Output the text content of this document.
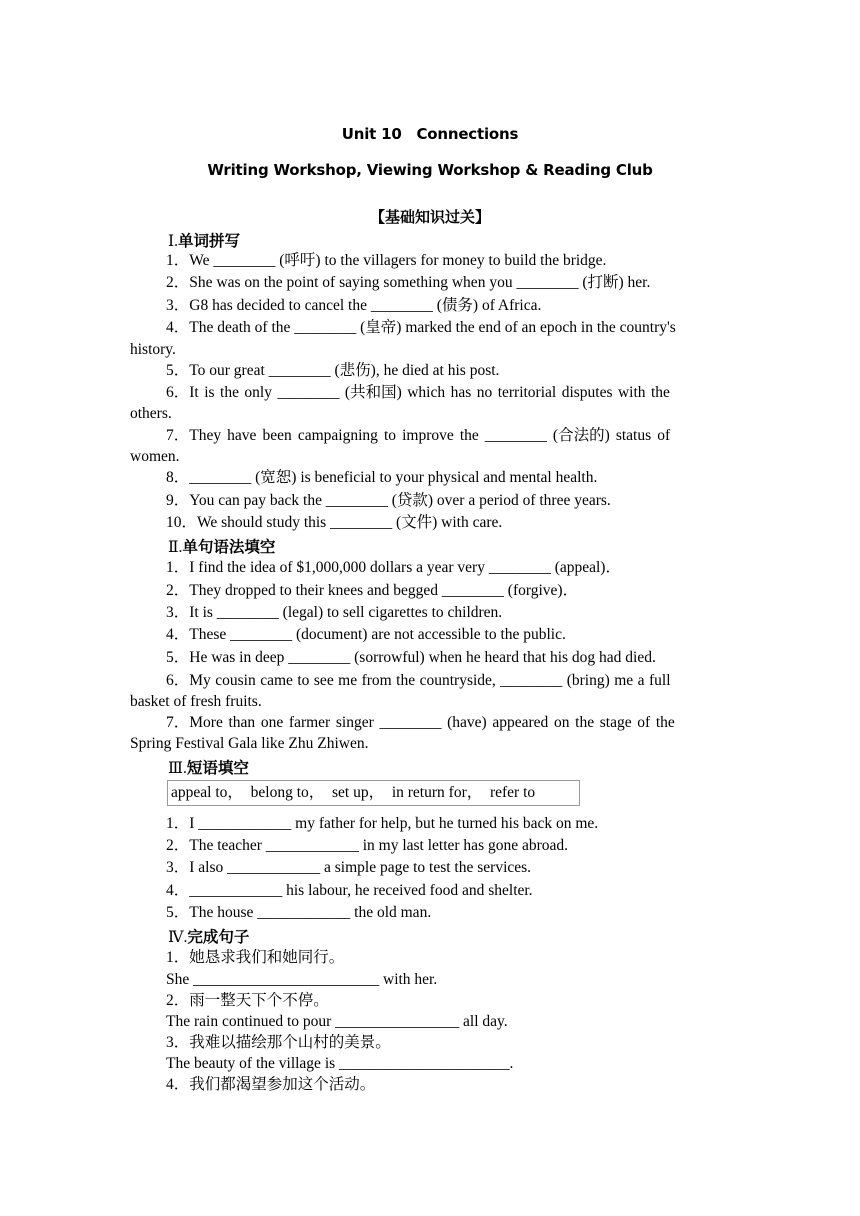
Unit 10　Connections
Writing Workshop, Viewing Workshop & Reading Club
【基础知识过关】
Ⅰ.单词拼写
1．We ________ (呼吁) to the villagers for money to build the bridge.
2．She was on the point of saying something when you ________ (打断) her.
3．G8 has decided to cancel the ________ (债务) of Africa.
4．The death of the ________ (皇帝) marked the end of an epoch in the country's
history.
5．To our great ________ (悲伤), he died at his post.
6．It is the only ________ (共和国) which has no territorial disputes with the
others.
7．They have been campaigning to improve the ________ (合法的) status of
women.
8．________ (宽恕) is beneficial to your physical and mental health.
9．You can pay back the ________ (贷款) over a period of three years.
10．We should study this ________ (文件) with care.
Ⅱ.单句语法填空
1．I find the idea of $1,000,000 dollars a year very ________ (appeal)．
2．They dropped to their knees and begged ________ (forgive)．
3．It is ________ (legal) to sell cigarettes to children.
4．These ________ (document) are not accessible to the public.
5．He was in deep ________ (sorrowful) when he heard that his dog had died.
6．My cousin came to see me from the countryside, ________ (bring) me a full
basket of fresh fruits.
7．More than one farmer singer ________ (have) appeared on the stage of the
Spring Festival Gala like Zhu Zhiwen.
Ⅲ.短语填空
appeal to，　belong to，　set up，　in return for，　refer to
1．I ____________ my father for help, but he turned his back on me.
2．The teacher ____________ in my last letter has gone abroad.
3．I also ____________ a simple page to test the services.
4．____________ his labour, he received food and shelter.
5．The house ____________ the old man.
Ⅳ.完成句子
1．她恳求我们和她同行。
She ________________________ with her.
2．雨一整天下个不停。
The rain continued to pour ________________ all day.
3．我难以描绘那个山村的美景。
The beauty of the village is ______________________.
4．我们都渴望参加这个活动。
